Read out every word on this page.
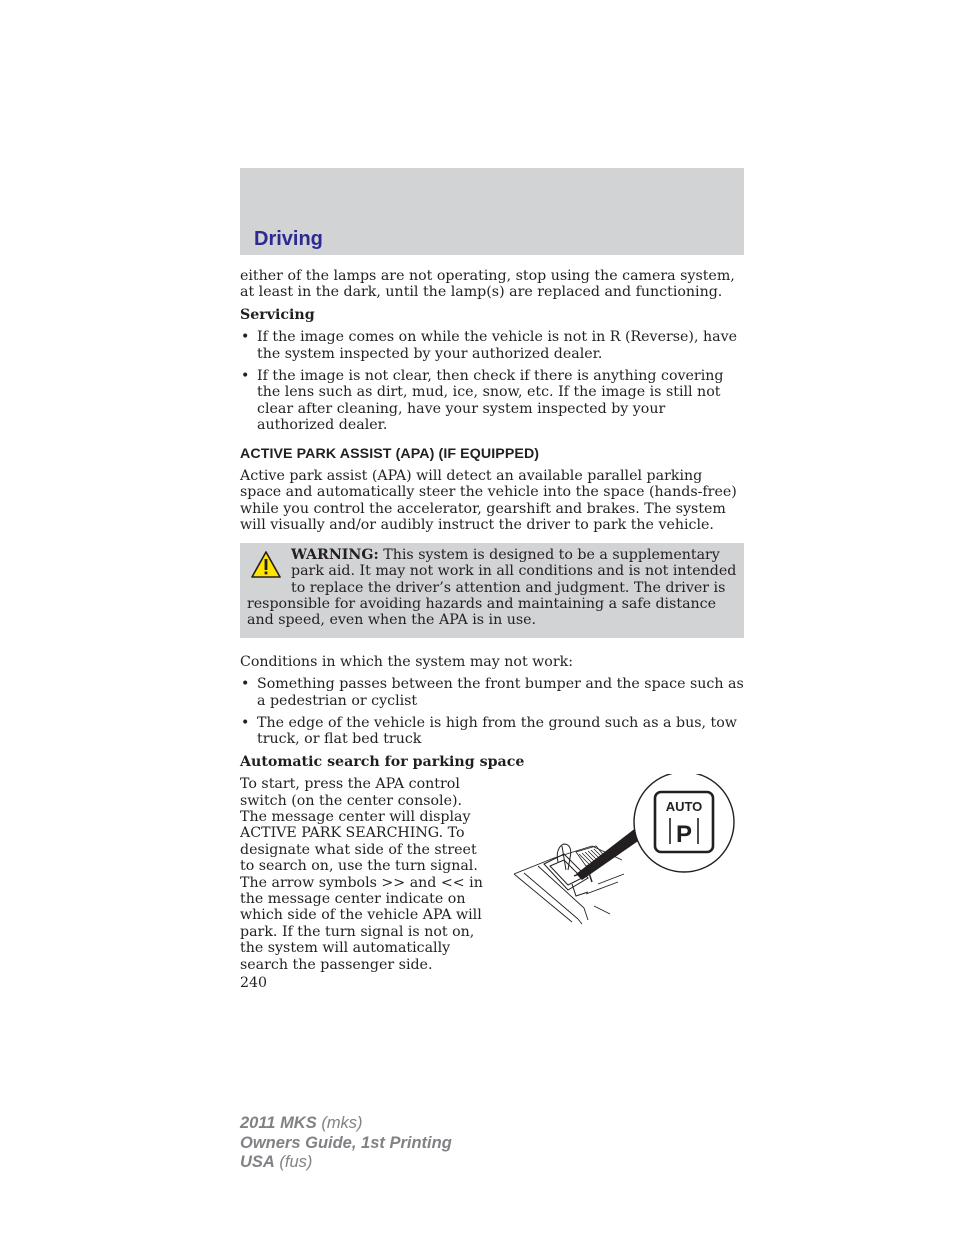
Driving

either of the lamps are not operating, stop using the camera system, at least in the dark, until the lamp(s) are replaced and functioning.

Servicing

• If the image comes on while the vehicle is not in R (Reverse), have the system inspected by your authorized dealer.
• If the image is not clear, then check if there is anything covering the lens such as dirt, mud, ice, snow, etc. If the image is still not clear after cleaning, have your system inspected by your authorized dealer.

ACTIVE PARK ASSIST (APA) (IF EQUIPPED)

Active park assist (APA) will detect an available parallel parking space and automatically steer the vehicle into the space (hands-free) while you control the accelerator, gearshift and brakes. The system will visually and/or audibly instruct the driver to park the vehicle.

WARNING: This system is designed to be a supplementary park aid. It may not work in all conditions and is not intended to replace the driver’s attention and judgment. The driver is responsible for avoiding hazards and maintaining a safe distance and speed, even when the APA is in use.

Conditions in which the system may not work:

• Something passes between the front bumper and the space such as a pedestrian or cyclist
• The edge of the vehicle is high from the ground such as a bus, tow truck, or flat bed truck

Automatic search for parking space

To start, press the APA control switch (on the center console). The message center will display ACTIVE PARK SEARCHING. To designate what side of the street to search on, use the turn signal. The arrow symbols >> and << in the message center indicate on which side of the vehicle APA will park. If the turn signal is not on, the system will automatically search the passenger side.

AUTO
P

240

2011 MKS (mks)
Owners Guide, 1st Printing
USA (fus)
